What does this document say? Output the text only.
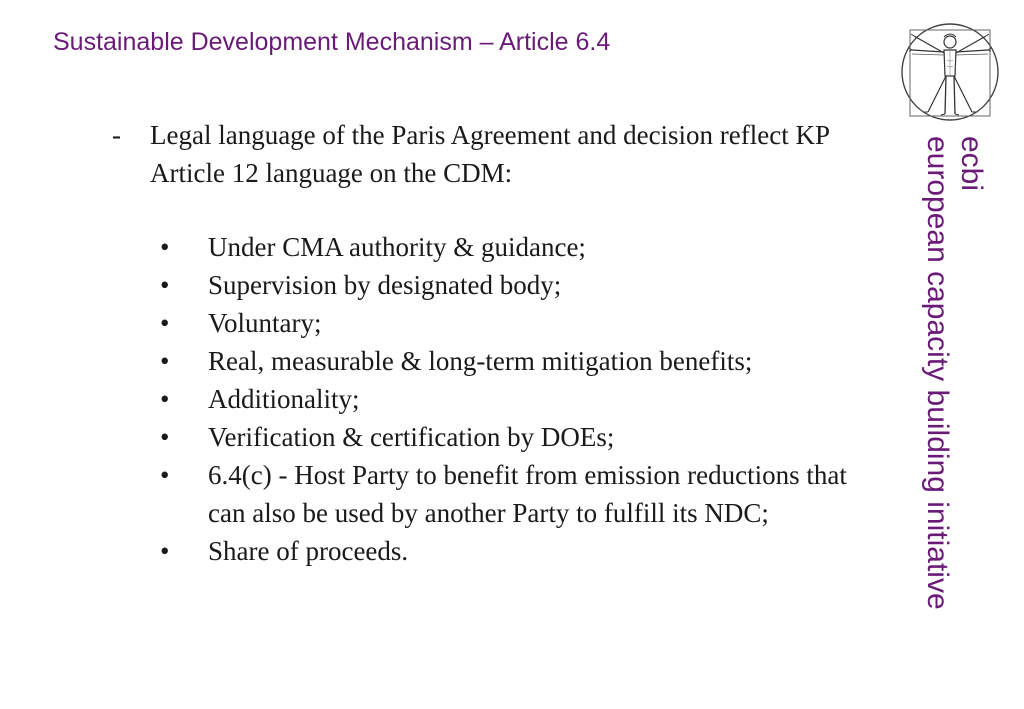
Sustainable Development Mechanism – Article 6.4
-	Legal language of the Paris Agreement and decision reflect KP Article 12 language on the CDM:
•	Under CMA authority & guidance;
•	Supervision by designated body;
•	Voluntary;
•	Real, measurable & long-term mitigation benefits;
•	Additionality;
•	Verification & certification by DOEs;
•	6.4(c) - Host Party to benefit from emission reductions that can also be used by another Party to fulfill its NDC;
•	Share of proceeds.
ecbi
european capacity building initiative
